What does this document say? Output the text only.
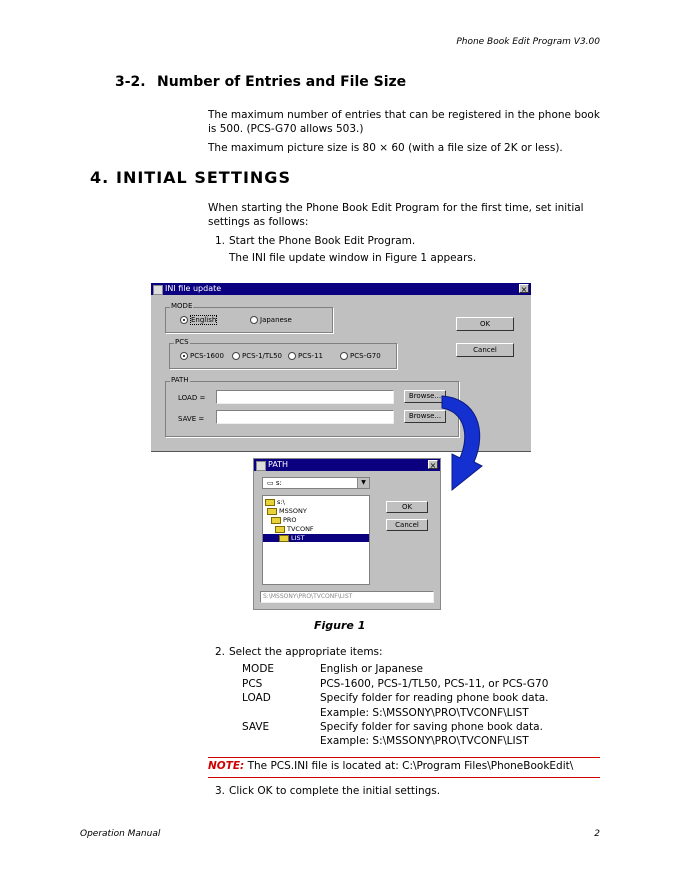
Phone Book Edit Program V3.00
3-2. Number of Entries and File Size
The maximum number of entries that can be registered in the phone book is 500. (PCS-G70 allows 503.)
The maximum picture size is 80 × 60 (with a file size of 2K or less).
4. INITIAL SETTINGS
When starting the Phone Book Edit Program for the first time, set initial settings as follows:
1. Start the Phone Book Edit Program.
The INI file update window in Figure 1 appears.
INI file update	×
MODE
English	Japanese
PCS
PCS-1600	PCS-1/TL50	PCS-11	PCS-G70
PATH
LOAD =	Browse...
SAVE =	Browse...
OK
Cancel
PATH	×
▭ s:	▼
s:\
MSSONY
PRO
TVCONF
LIST
OK
Cancel
S:\MSSONY\PRO\TVCONF\LIST
Figure 1
2. Select the appropriate items:
MODE	English or Japanese
PCS	PCS-1600, PCS-1/TL50, PCS-11, or PCS-G70
LOAD	Specify folder for reading phone book data.
Example: S:\MSSONY\PRO\TVCONF\LIST
SAVE	Specify folder for saving phone book data.
Example: S:\MSSONY\PRO\TVCONF\LIST
NOTE: The PCS.INI file is located at: C:\Program Files\PhoneBookEdit\
3. Click OK to complete the initial settings.
Operation Manual	2
